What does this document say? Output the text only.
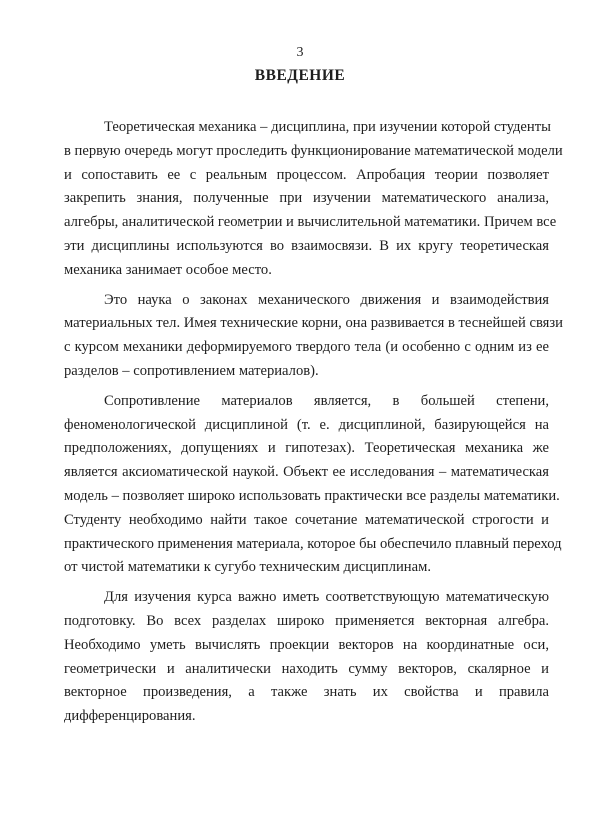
3
ВВЕДЕНИЕ

Теоретическая механика – дисциплина, при изучении которой студенты
в первую очередь могут проследить функционирование математической модели
и сопоставить ее с реальным процессом. Апробация теории позволяет
закрепить знания, полученные при изучении математического анализа,
алгебры, аналитической геометрии и вычислительной математики. Причем все
эти дисциплины используются во взаимосвязи. В их кругу теоретическая
механика занимает особое место.

Это наука о законах механического движения и взаимодействия
материальных тел. Имея технические корни, она развивается в теснейшей связи
с курсом механики деформируемого твердого тела (и особенно с одним из ее
разделов – сопротивлением материалов).

Сопротивление материалов является, в большей степени,
феноменологической дисциплиной (т. е. дисциплиной, базирующейся на
предположениях, допущениях и гипотезах). Теоретическая механика же
является аксиоматической наукой. Объект ее исследования – математическая
модель – позволяет широко использовать практически все разделы математики.
Студенту необходимо найти такое сочетание математической строгости и
практического применения материала, которое бы обеспечило плавный переход
от чистой математики к сугубо техническим дисциплинам.

Для изучения курса важно иметь соответствующую математическую
подготовку. Во всех разделах широко применяется векторная алгебра.
Необходимо уметь вычислять проекции векторов на координатные оси,
геометрически и аналитически находить сумму векторов, скалярное и
векторное произведения, а также знать их свойства и правила
дифференцирования.
